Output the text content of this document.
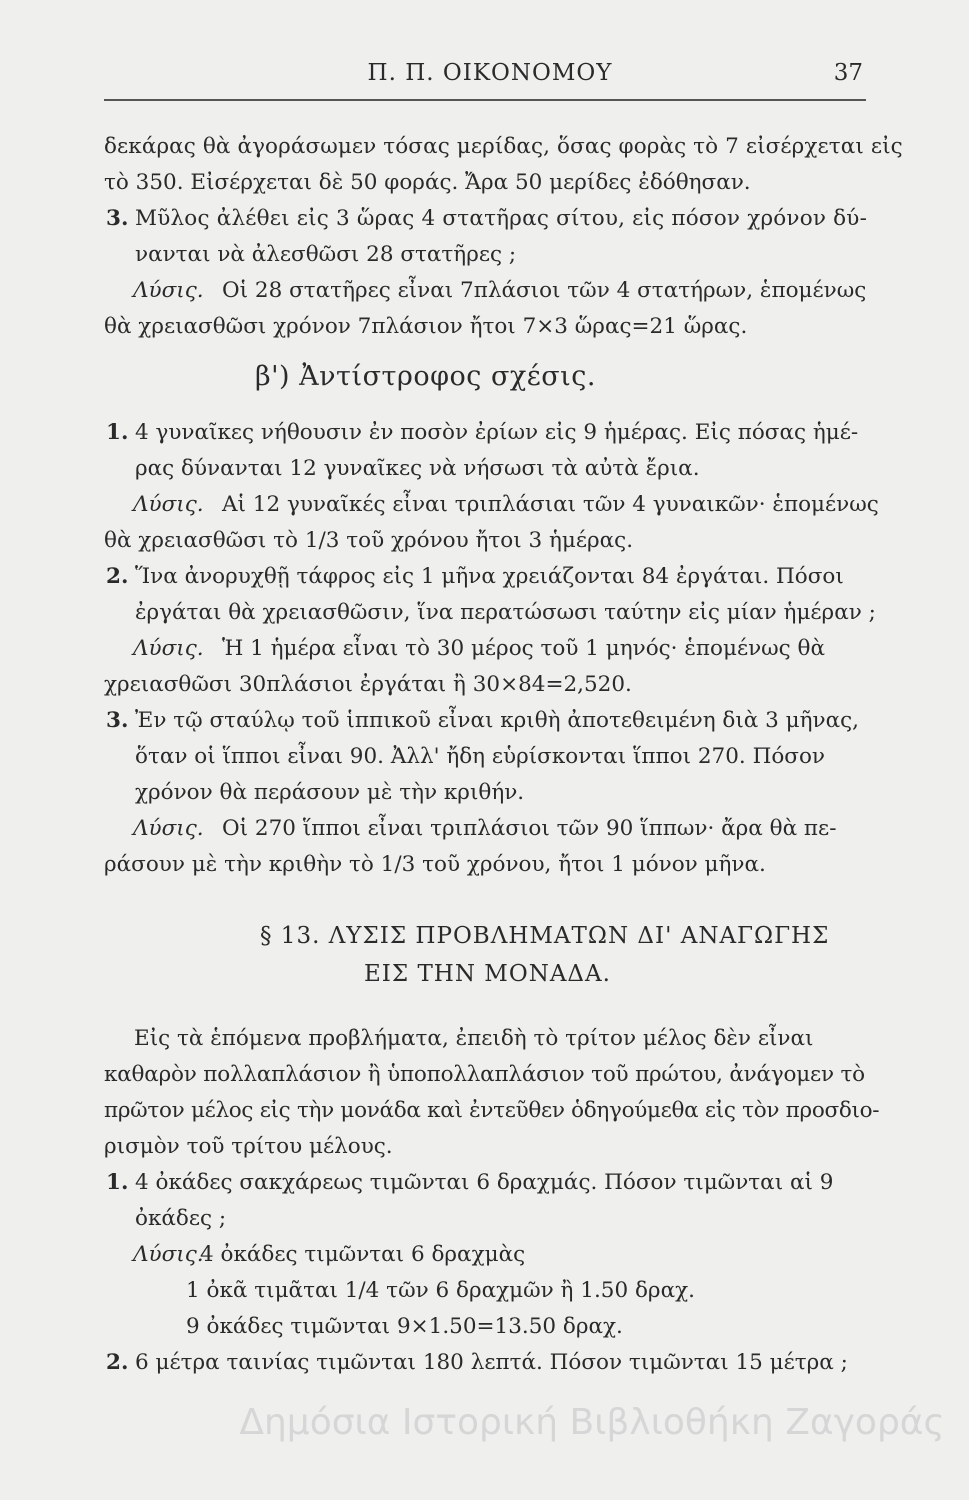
Π. Π. ΟΙΚΟΝΟΜΟΥ	37
δεκάρας θὰ ἀγοράσωμεν τόσας μερίδας, ὅσας φορὰς τὸ 7 εἰσέρχεται εἰς
τὸ 350. Εἰσέρχεται δὲ 50 φοράς. Ἄρα 50 μερίδες ἐδόθησαν.
3. Μῦλος ἀλέθει εἰς 3 ὥρας 4 στατῆρας σίτου, εἰς πόσον χρόνον δύ-
νανται νὰ ἀλεσθῶσι 28 στατῆρες ;
Λύσις. Οἱ 28 στατῆρες εἶναι 7πλάσιοι τῶν 4 στατήρων, ἑπομένως
θὰ χρειασθῶσι χρόνον 7πλάσιον ἤτοι 7×3 ὥρας=21 ὥρας.
β') Ἀντίστροφος σχέσις.
1. 4 γυναῖκες νήθουσιν ἐν ποσὸν ἐρίων εἰς 9 ἡμέρας. Εἰς πόσας ἡμέ-
ρας δύνανται 12 γυναῖκες νὰ νήσωσι τὰ αὐτὰ ἔρια.
Λύσις. Αἱ 12 γυναῖκές εἶναι τριπλάσιαι τῶν 4 γυναικῶν· ἑπομένως
θὰ χρειασθῶσι τὸ 1/3 τοῦ χρόνου ἤτοι 3 ἡμέρας.
2. Ἵνα ἀνορυχθῇ τάφρος εἰς 1 μῆνα χρειάζονται 84 ἐργάται. Πόσοι
ἐργάται θὰ χρειασθῶσιν, ἵνα περατώσωσι ταύτην εἰς μίαν ἡμέραν ;
Λύσις. Ἡ 1 ἡμέρα εἶναι τὸ 30 μέρος τοῦ 1 μηνός· ἑπομένως θὰ
χρειασθῶσι 30πλάσιοι ἐργάται ἢ 30×84=2,520.
3. Ἐν τῷ σταύλῳ τοῦ ἱππικοῦ εἶναι κριθὴ ἀποτεθειμένη διὰ 3 μῆνας,
ὅταν οἱ ἵπποι εἶναι 90. Ἀλλ' ἤδη εὑρίσκονται ἵπποι 270. Πόσον
χρόνον θὰ περάσουν μὲ τὴν κριθήν.
Λύσις. Οἱ 270 ἵπποι εἶναι τριπλάσιοι τῶν 90 ἵππων· ἄρα θὰ πε-
ράσουν μὲ τὴν κριθὴν τὸ 1/3 τοῦ χρόνου, ἤτοι 1 μόνον μῆνα.
§ 13. ΛΥΣΙΣ ΠΡΟΒΛΗΜΑΤΩΝ ΔΙ' ΑΝΑΓΩΓΗΣ
ΕΙΣ ΤΗΝ ΜΟΝΑΔΑ.
Εἰς τὰ ἑπόμενα προβλήματα, ἐπειδὴ τὸ τρίτον μέλος δὲν εἶναι
καθαρὸν πολλαπλάσιον ἢ ὑποπολλαπλάσιον τοῦ πρώτου, ἀνάγομεν τὸ
πρῶτον μέλος εἰς τὴν μονάδα καὶ ἐντεῦθεν ὁδηγούμεθα εἰς τὸν προσδιο-
ρισμὸν τοῦ τρίτου μέλους.
1. 4 ὀκάδες σακχάρεως τιμῶνται 6 δραχμάς. Πόσον τιμῶνται αἱ 9
ὀκάδες ;
Λύσις.
4 ὀκάδες τιμῶνται 6 δραχμὰς
1 ὀκᾶ τιμᾶται 1/4 τῶν 6 δραχμῶν ἢ 1.50 δραχ.
9 ὀκάδες τιμῶνται 9×1.50=13.50 δραχ.
2. 6 μέτρα ταινίας τιμῶνται 180 λεπτά. Πόσον τιμῶνται 15 μέτρα ;
Δημόσια Ιστορική Βιβλιοθήκη Ζαγοράς
